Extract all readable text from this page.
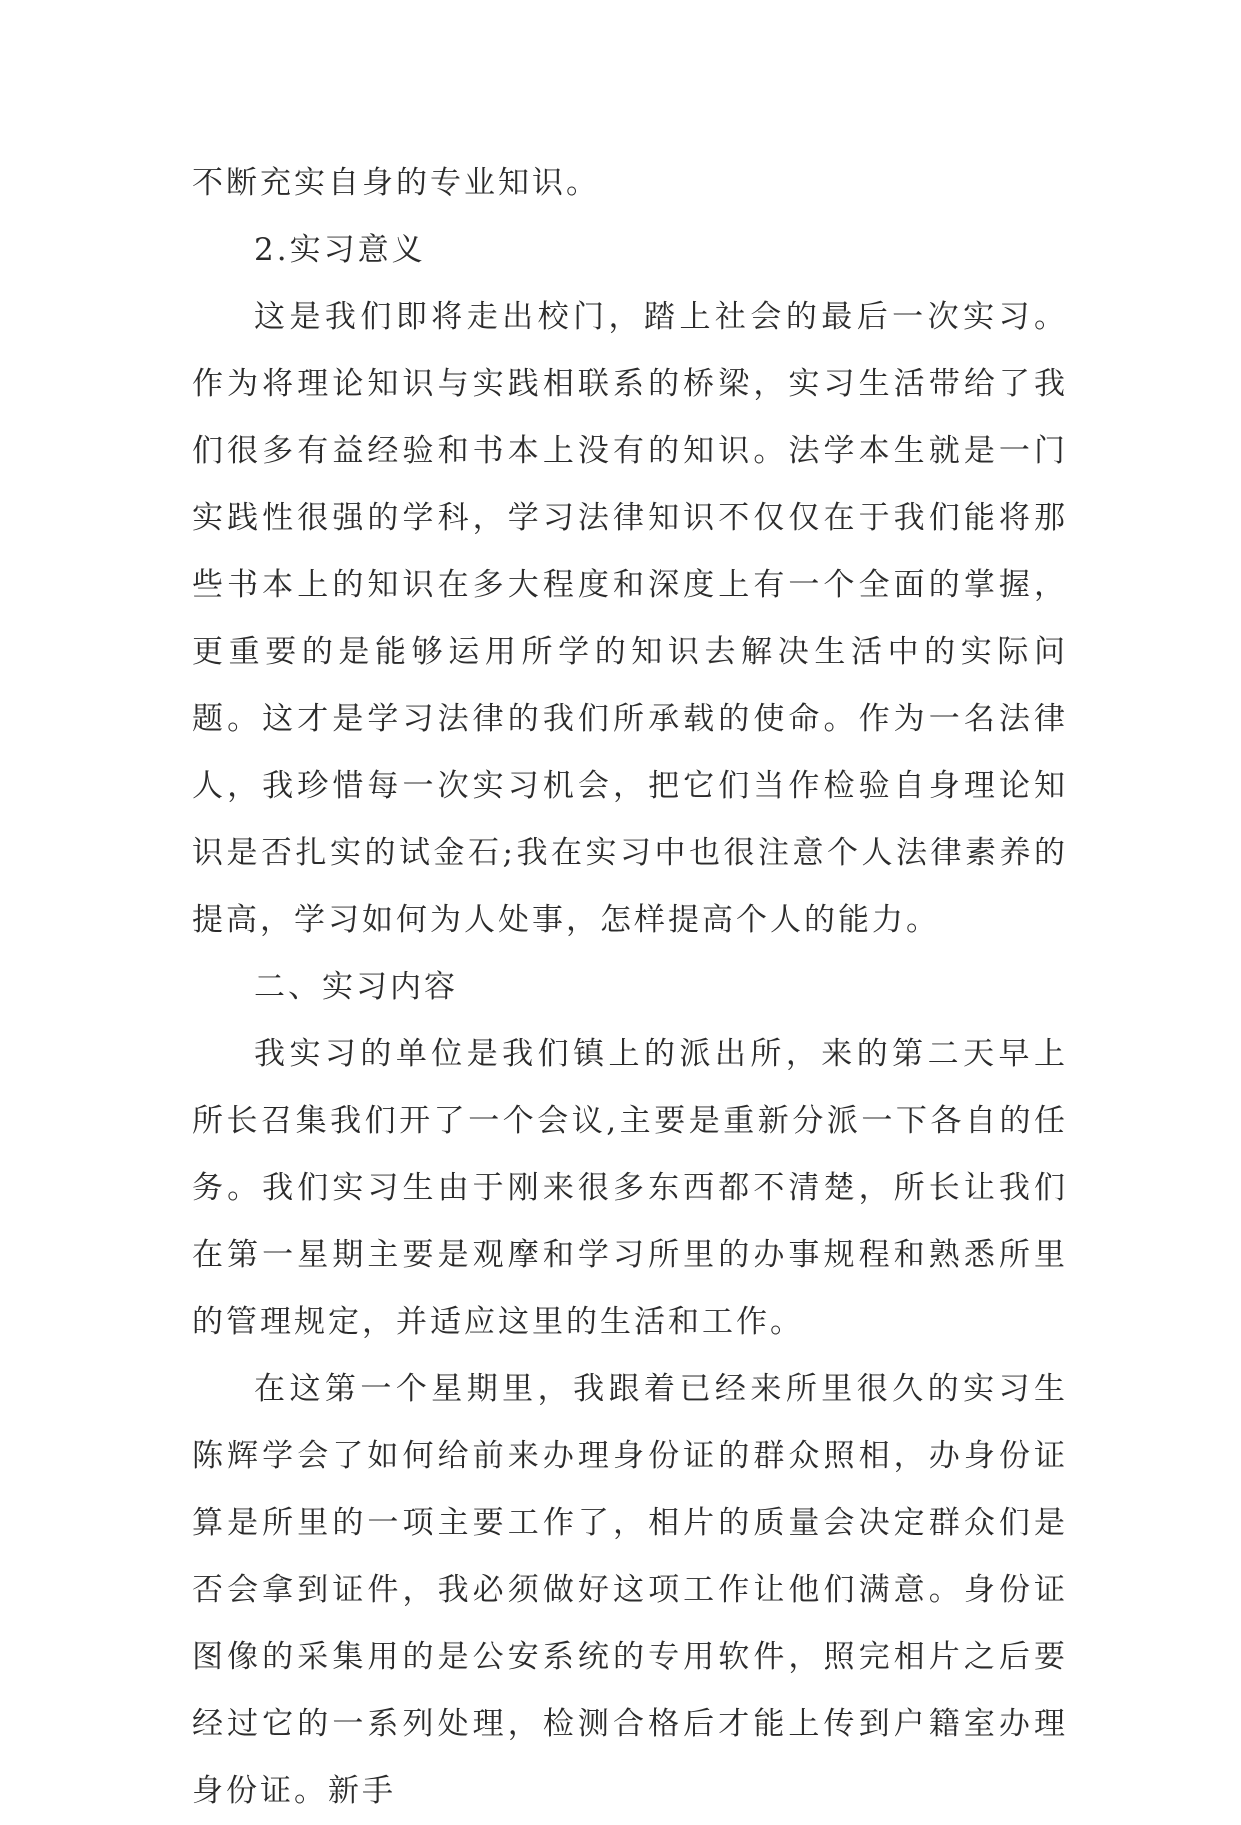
不断充实自身的专业知识。

2.实习意义

这是我们即将走出校门，踏上社会的最后一次实习。作为将理论知识与实践相联系的桥梁，实习生活带给了我们很多有益经验和书本上没有的知识。法学本生就是一门实践性很强的学科，学习法律知识不仅仅在于我们能将那些书本上的知识在多大程度和深度上有一个全面的掌握，更重要的是能够运用所学的知识去解决生活中的实际问题。这才是学习法律的我们所承载的使命。作为一名法律人，我珍惜每一次实习机会，把它们当作检验自身理论知识是否扎实的试金石;我在实习中也很注意个人法律素养的提高，学习如何为人处事，怎样提高个人的能力。

二、实习内容

我实习的单位是我们镇上的派出所，来的第二天早上所长召集我们开了一个会议,主要是重新分派一下各自的任务。我们实习生由于刚来很多东西都不清楚，所长让我们在第一星期主要是观摩和学习所里的办事规程和熟悉所里的管理规定，并适应这里的生活和工作。

在这第一个星期里，我跟着已经来所里很久的实习生陈辉学会了如何给前来办理身份证的群众照相，办身份证算是所里的一项主要工作了，相片的质量会决定群众们是否会拿到证件，我必须做好这项工作让他们满意。身份证图像的采集用的是公安系统的专用软件，照完相片之后要经过它的一系列处理，检测合格后才能上传到户籍室办理身份证。新手
